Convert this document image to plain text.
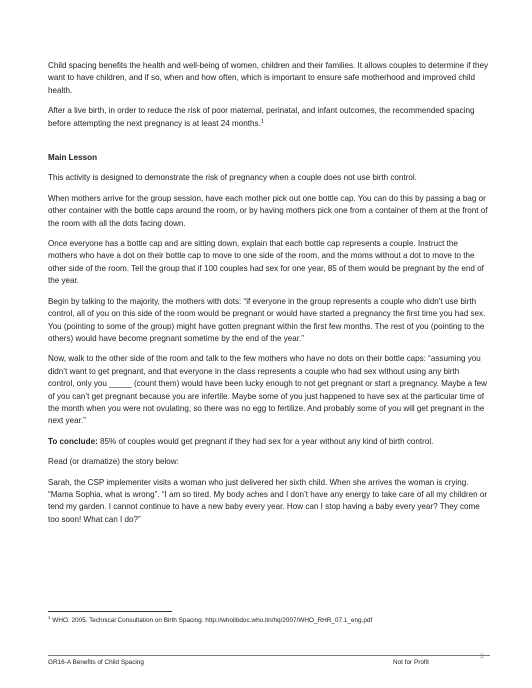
Child spacing benefits the health and well-being of women, children and their families. It allows couples to determine if they want to have children, and if so, when and how often, which is important to ensure safe motherhood and improved child health.

After a live birth, in order to reduce the risk of poor maternal, perinatal, and infant outcomes, the recommended spacing before attempting the next pregnancy is at least 24 months.$^1$

Main Lesson

This activity is designed to demonstrate the risk of pregnancy when a couple does not use birth control.

When mothers arrive for the group session, have each mother pick out one bottle cap. You can do this by passing a bag or other container with the bottle caps around the room, or by having mothers pick one from a container of them at the front of the room with all the dots facing down.

Once everyone has a bottle cap and are sitting down, explain that each bottle cap represents a couple. Instruct the mothers who have a dot on their bottle cap to move to one side of the room, and the moms without a dot to move to the other side of the room. Tell the group that if 100 couples had sex for one year, 85 of them would be pregnant by the end of the year.

Begin by talking to the majority, the mothers with dots: “if everyone in the group represents a couple who didn’t use birth control, all of you on this side of the room would be pregnant or would have started a pregnancy the first time you had sex. You (pointing to some of the group) might have gotten pregnant within the first few months. The rest of you (pointing to the others) would have become pregnant sometime by the end of the year.”

Now, walk to the other side of the room and talk to the few mothers who have no dots on their bottle caps: “assuming you didn’t want to get pregnant, and that everyone in the class represents a couple who had sex without using any birth control, only you _____ (count them) would have been lucky enough to not get pregnant or start a pregnancy. Maybe a few of you can’t get pregnant because you are infertile. Maybe some of you just happened to have sex at the particular time of the month when you were not ovulating, so there was no egg to fertilize. And probably some of you will get pregnant in the next year.”

To conclude: 85% of couples would get pregnant if they had sex for a year without any kind of birth control.

Read (or dramatize) the story below:

Sarah, the CSP implementer visits a woman who just delivered her sixth child. When she arrives the woman is crying. “Mama Sophia, what is wrong”. “I am so tired. My body aches and I don’t have any energy to take care of all my children or tend my garden. I cannot continue to have a new baby every year. How can I stop having a baby every year? They come too soon! What can I do?”

$^1$ WHO. 2005. Technical Consultation on Birth Spacing. http://wholibdoc.who.itn/hq/2007/WHO_RHR_07.1_eng.pdf
GR16-A Benefits of Child Spacing	Not for Profit
3
